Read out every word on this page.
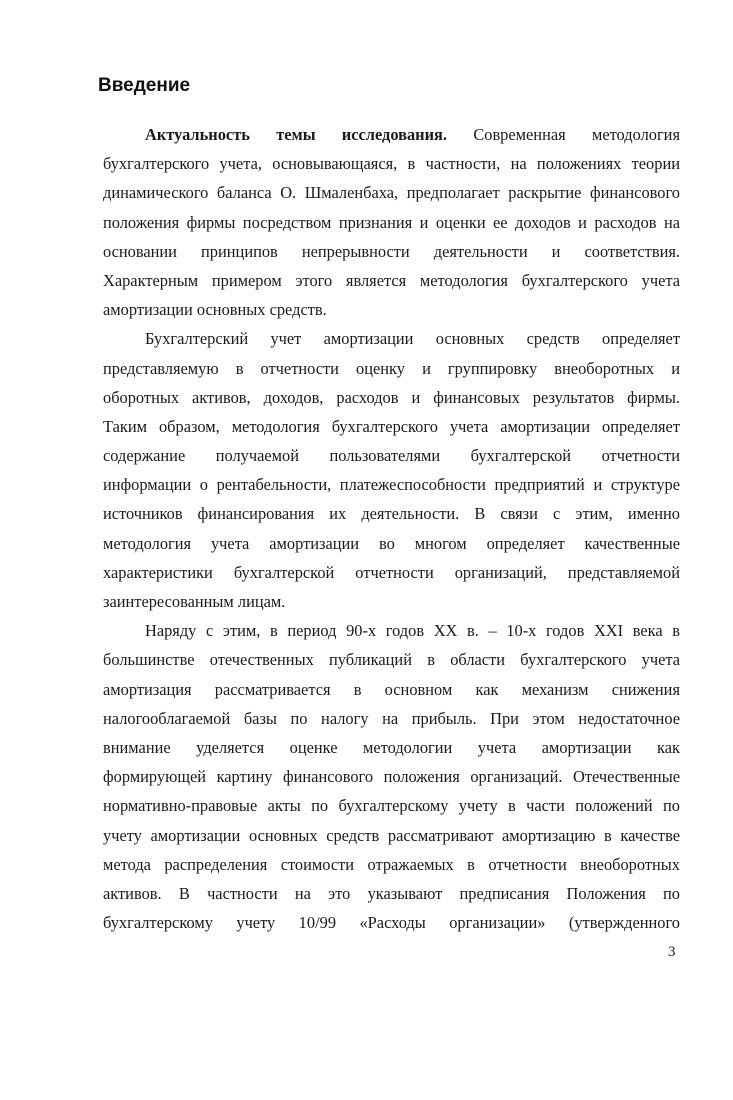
Введение
Актуальность темы исследования. Современная методология
бухгалтерского учета, основывающаяся, в частности, на положениях теории
динамического баланса О. Шмаленбаха, предполагает раскрытие финансового
положения фирмы посредством признания и оценки ее доходов и расходов на
основании принципов непрерывности деятельности и соответствия.
Характерным примером этого является методология бухгалтерского учета
амортизации основных средств.
Бухгалтерский учет амортизации основных средств определяет
представляемую в отчетности оценку и группировку внеоборотных и
оборотных активов, доходов, расходов и финансовых результатов фирмы.
Таким образом, методология бухгалтерского учета амортизации определяет
содержание получаемой пользователями бухгалтерской отчетности
информации о рентабельности, платежеспособности предприятий и структуре
источников финансирования их деятельности. В связи с этим, именно
методология учета амортизации во многом определяет качественные
характеристики бухгалтерской отчетности организаций, представляемой
заинтересованным лицам.
Наряду с этим, в период 90-х годов XX в. – 10-х годов XXI века в
большинстве отечественных публикаций в области бухгалтерского учета
амортизация рассматривается в основном как механизм снижения
налогооблагаемой базы по налогу на прибыль. При этом недостаточное
внимание уделяется оценке методологии учета амортизации как
формирующей картину финансового положения организаций. Отечественные
нормативно-правовые акты по бухгалтерскому учету в части положений по
учету амортизации основных средств рассматривают амортизацию в качестве
метода распределения стоимости отражаемых в отчетности внеоборотных
активов. В частности на это указывают предписания Положения по
бухгалтерскому учету 10/99 «Расходы организации» (утвержденного
3
